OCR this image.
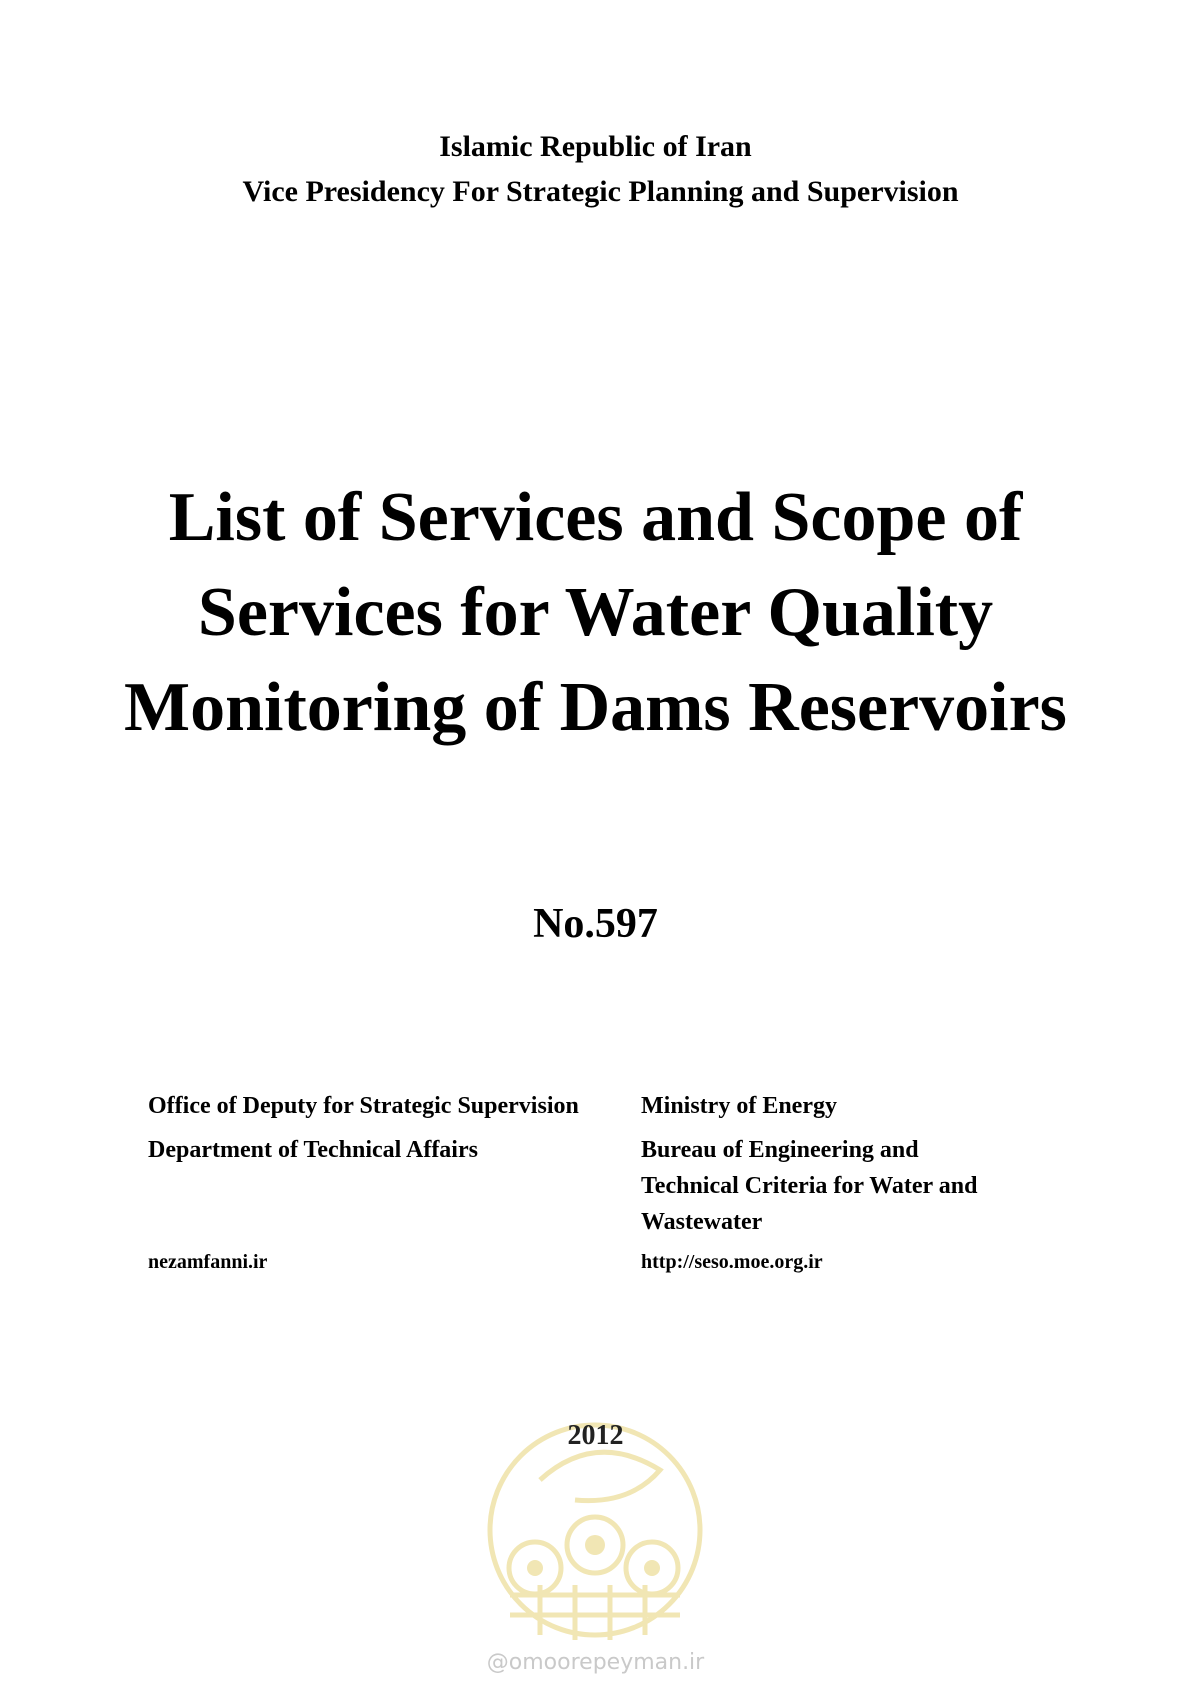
Islamic Republic of Iran
Vice Presidency For Strategic Planning and Supervision
List of Services and Scope of
Services for Water Quality
Monitoring of Dams Reservoirs
No.597
Office of Deputy for Strategic Supervision
Department of Technical Affairs
nezamfanni.ir
Ministry of Energy
Bureau of Engineering and
Technical Criteria for Water and
Wastewater
http://seso.moe.org.ir
2012
@omoorepeyman.ir
